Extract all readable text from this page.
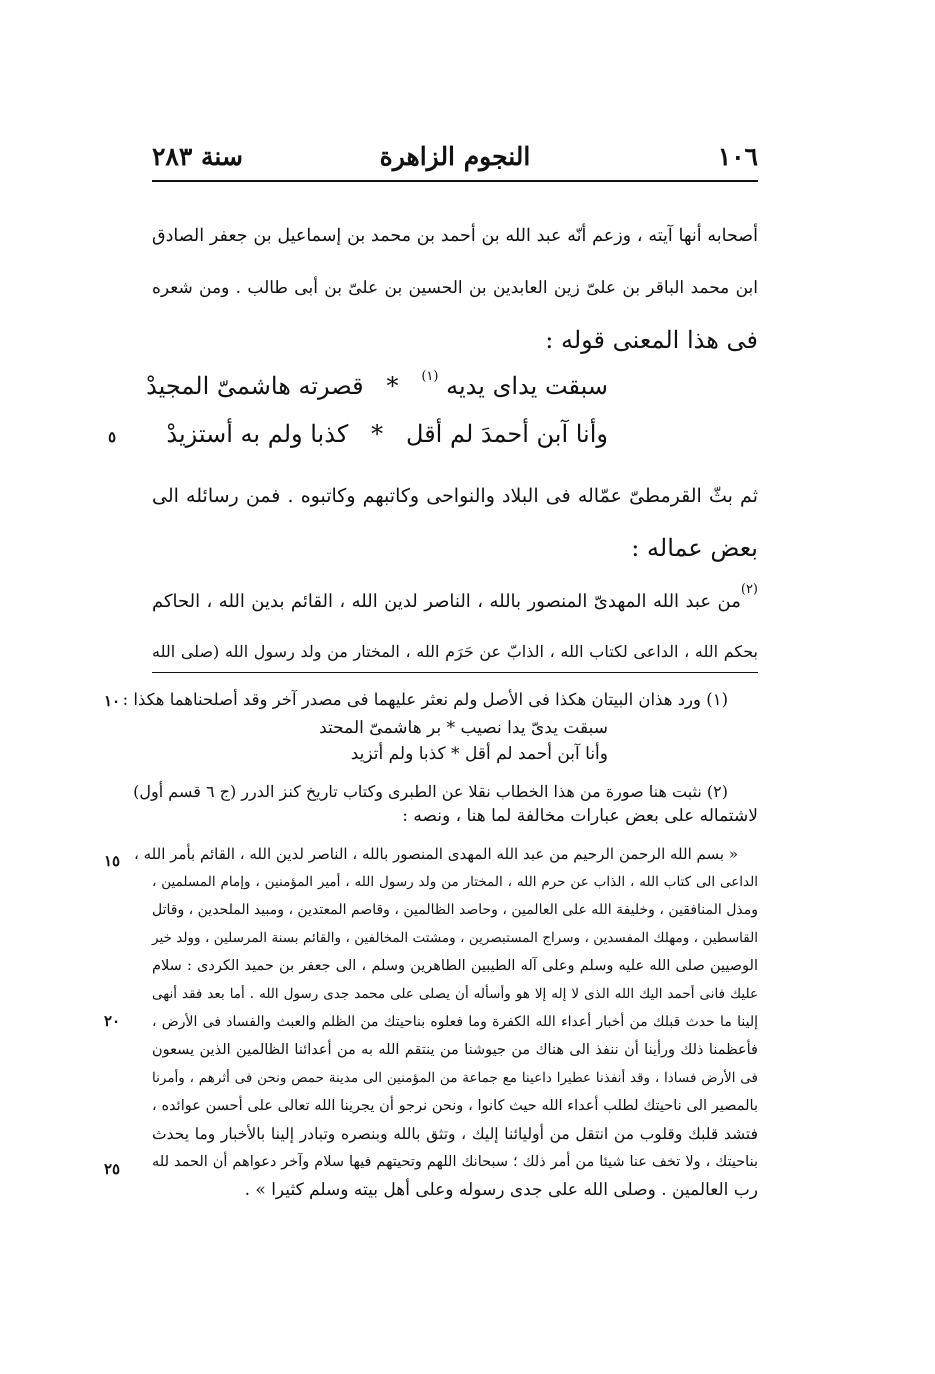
١٠٦
النجوم الزاهرة
سنة ٢٨٣
أصحابه أنها آيته ، وزعم أنّه عبد الله بن أحمد بن محمد بن إسماعيل بن جعفر الصادق
ابن محمد الباقر بن علىّ زين العابدين بن الحسين بن علىّ بن أبى طالب . ومن شعره
فى هذا المعنى قوله :
سبقت يداى يديه $^{(١)}$   *   قصرته هاشمىّ المجيدْ
وأنا آبن أحمدَ لم أقل   *   كذبا ولم به أستزيدْ
ثم بثّ القرمطىّ عمّاله فى البلاد والنواحى وكاتبهم وكاتبوه . فمن رسائله الى
بعض عماله :
$^{(٢)}$من عبد الله المهدىّ المنصور بالله ، الناصر لدين الله ، القائم بدين الله ، الحاكم
بحكم الله ، الداعى لكتاب الله ، الذابّ عن حَرَم الله ، المختار من ولد رسول الله (صلى الله
(١) ورد هذان البيتان هكذا فى الأصل ولم نعثر عليهما فى مصدر آخر وقد أصلحناهما هكذا :
سبقت يدىّ يدا نصيب * بر هاشمىّ المحتد
وأنا آبن أحمد لم أقل * كذبا ولم أتزيد
(٢) نثبت هنا صورة من هذا الخطاب نقلا عن الطبرى وكتاب تاريخ كنز الدرر (ج ٦ قسم أول)
لاشتماله على بعض عبارات مخالفة لما هنا ، ونصه :
« بسم الله الرحمن الرحيم من عبد الله المهدى المنصور بالله ، الناصر لدين الله ، القائم بأمر الله ،
الداعى الى كتاب الله ، الذاب عن حرم الله ، المختار من ولد رسول الله ، أمير المؤمنين ، وإمام المسلمين ،
ومذل المنافقين ، وخليفة الله على العالمين ، وحاصد الظالمين ، وقاصم المعتدين ، ومبيد الملحدين ، وقاتل
القاسطين ، ومهلك المفسدين ، وسراج المستبصرين ، ومشتت المخالفين ، والقائم بسنة المرسلين ، وولد خير
الوصيين صلى الله عليه وسلم وعلى آله الطيبين الطاهرين وسلم ، الى جعفر بن حميد الكردى : سلام
عليك فانى أحمد اليك الله الذى لا إله إلا هو وأسأله أن يصلى على محمد جدى رسول الله . أما بعد فقد أنهى
إلينا ما حدث قبلك من أخبار أعداء الله الكفرة وما فعلوه بناحيتك من الظلم والعبث والفساد فى الأرض ،
فأعظمنا ذلك ورأينا أن ننفذ الى هناك من جيوشنا من ينتقم الله به من أعدائنا الظالمين الذين يسعون
فى الأرض فسادا ، وقد أنفذنا عطيرا داعينا مع جماعة من المؤمنين الى مدينة حمص ونحن فى أثرهم ، وأمرنا
بالمصير الى ناحيتك لطلب أعداء الله حيث كانوا ، ونحن نرجو أن يجرينا الله تعالى على أحسن عوائده ،
فتشد قلبك وقلوب من انتقل من أوليائنا إليك ، وتثق بالله وبنصره وتبادر إلينا بالأخبار وما يحدث
بناحيتك ، ولا تخف عنا شيئا من أمر ذلك ؛ سبحانك اللهم وتحيتهم فيها سلام وآخر دعواهم أن الحمد لله
رب العالمين . وصلى الله على جدى رسوله وعلى أهل بيته وسلم كثيرا » .
٥
١٠
١٥
٢٠
٢٥
